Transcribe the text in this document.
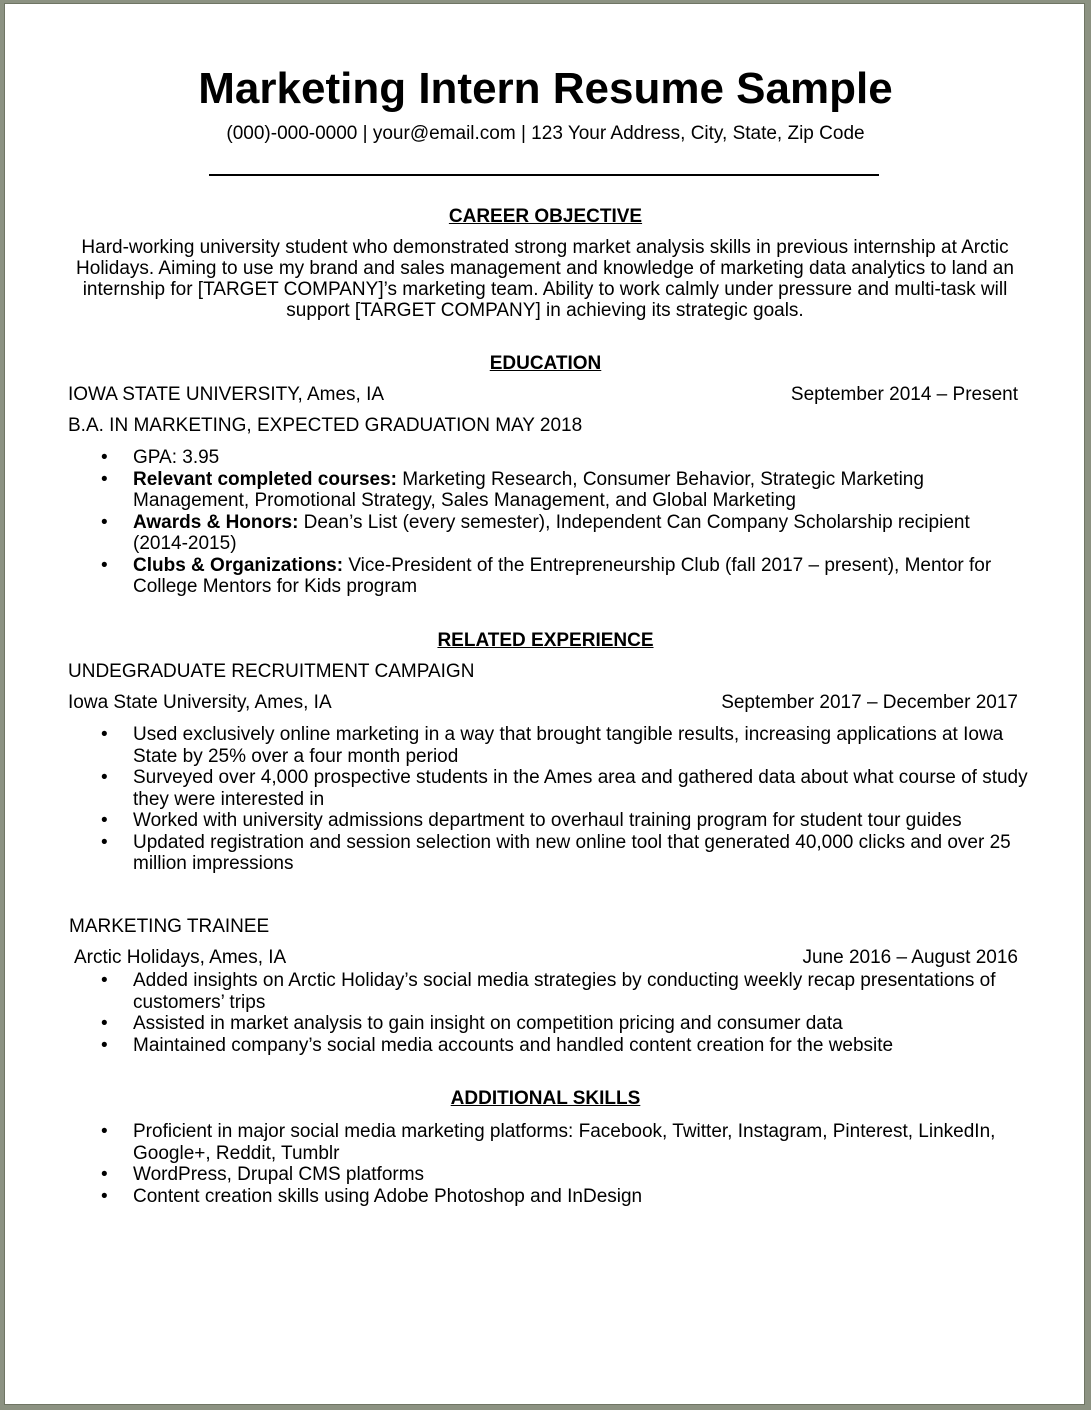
Marketing Intern Resume Sample
(000)-000-0000 | your@email.com | 123 Your Address, City, State, Zip Code
CAREER OBJECTIVE
Hard-working university student who demonstrated strong market analysis skills in previous internship at Arctic Holidays. Aiming to use my brand and sales management and knowledge of marketing data analytics to land an internship for [TARGET COMPANY]’s marketing team. Ability to work calmly under pressure and multi-task will support [TARGET COMPANY] in achieving its strategic goals.
EDUCATION
IOWA STATE UNIVERSITY, Ames, IA	September 2014 – Present
B.A. IN MARKETING, EXPECTED GRADUATION MAY 2018
• GPA: 3.95
• Relevant completed courses: Marketing Research, Consumer Behavior, Strategic Marketing Management, Promotional Strategy, Sales Management, and Global Marketing
• Awards & Honors: Dean’s List (every semester), Independent Can Company Scholarship recipient (2014-2015)
• Clubs & Organizations: Vice-President of the Entrepreneurship Club (fall 2017 – present), Mentor for College Mentors for Kids program
RELATED EXPERIENCE
UNDEGRADUATE RECRUITMENT CAMPAIGN
Iowa State University, Ames, IA	September 2017 – December 2017
• Used exclusively online marketing in a way that brought tangible results, increasing applications at Iowa State by 25% over a four month period
• Surveyed over 4,000 prospective students in the Ames area and gathered data about what course of study they were interested in
• Worked with university admissions department to overhaul training program for student tour guides
• Updated registration and session selection with new online tool that generated 40,000 clicks and over 25 million impressions
MARKETING TRAINEE
Arctic Holidays, Ames, IA	June 2016 – August 2016
• Added insights on Arctic Holiday’s social media strategies by conducting weekly recap presentations of customers’ trips
• Assisted in market analysis to gain insight on competition pricing and consumer data
• Maintained company’s social media accounts and handled content creation for the website
ADDITIONAL SKILLS
• Proficient in major social media marketing platforms: Facebook, Twitter, Instagram, Pinterest, LinkedIn, Google+, Reddit, Tumblr
• WordPress, Drupal CMS platforms
• Content creation skills using Adobe Photoshop and InDesign
